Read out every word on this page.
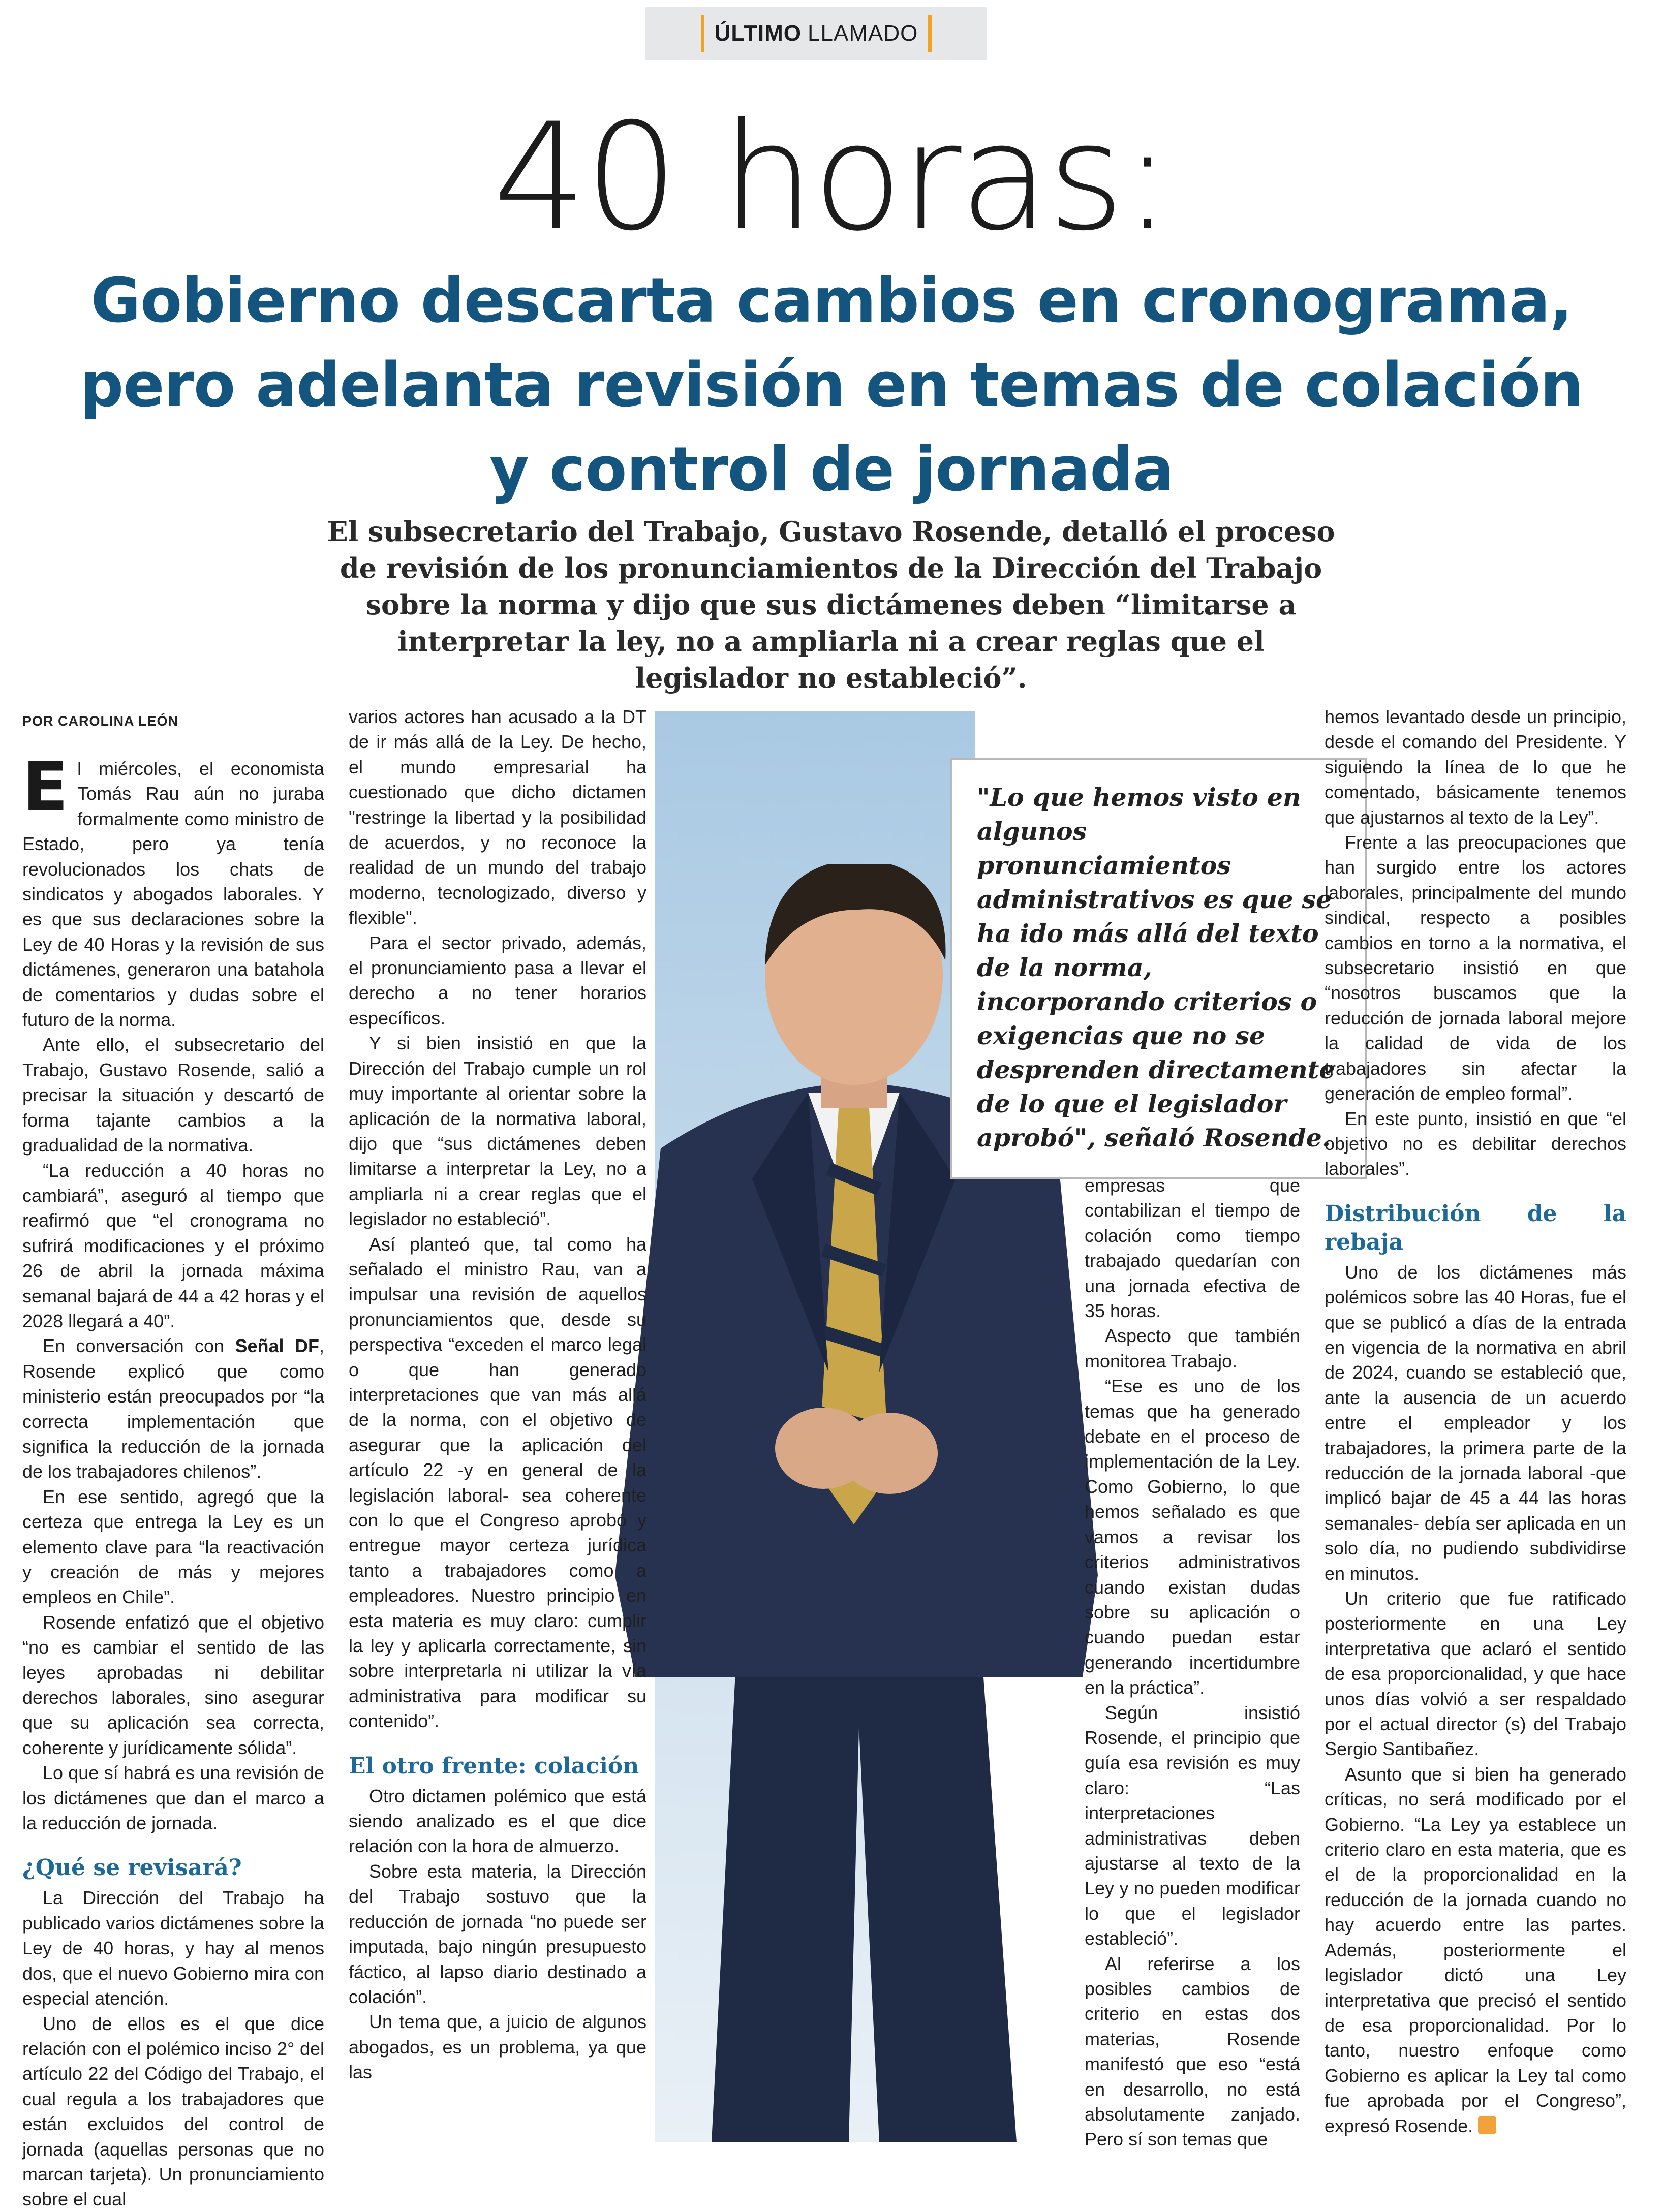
ÚLTIMO LLAMADO
40 horas:
Gobierno descarta cambios en cronograma, pero adelanta revisión en temas de colación y control de jornada
El subsecretario del Trabajo, Gustavo Rosende, detalló el proceso de revisión de los pronunciamientos de la Dirección del Trabajo sobre la norma y dijo que sus dictámenes deben “limitarse a interpretar la ley, no a ampliarla ni a crear reglas que el legislador no estableció”.
"Lo que hemos visto en algunos pronunciamientos administrativos es que se ha ido más allá del texto de la norma, incorporando criterios o exigencias que no se desprenden directamente de lo que el legislador aprobó", señaló Rosende.
POR CAROLINA LEÓN
E l miércoles, el economista Tomás Rau aún no juraba formalmente como ministro de Estado, pero ya tenía revolucionados los chats de sindicatos y abogados laborales. Y es que sus declaraciones sobre la Ley de 40 Horas y la revisión de sus dictámenes, generaron una batahola de comentarios y dudas sobre el futuro de la norma.

Ante ello, el subsecretario del Trabajo, Gustavo Rosende, salió a precisar la situación y descartó de forma tajante cambios a la gradualidad de la normativa.

“La reducción a 40 horas no cambiará”, aseguró al tiempo que reafirmó que “el cronograma no sufrirá modificaciones y el próximo 26 de abril la jornada máxima semanal bajará de 44 a 42 horas y el 2028 llegará a 40”.

En conversación con Señal DF, Rosende explicó que como ministerio están preocupados por “la correcta implementación que significa la reducción de la jornada de los trabajadores chilenos”.

En ese sentido, agregó que la certeza que entrega la Ley es un elemento clave para “la reactivación y creación de más y mejores empleos en Chile”.

Rosende enfatizó que el objetivo “no es cambiar el sentido de las leyes aprobadas ni debilitar derechos laborales, sino asegurar que su aplicación sea correcta, coherente y jurídicamente sólida”.

Lo que sí habrá es una revisión de los dictámenes que dan el marco a la reducción de jornada.

¿Qué se revisará?

La Dirección del Trabajo ha publicado varios dictámenes sobre la Ley de 40 horas, y hay al menos dos, que el nuevo Gobierno mira con especial atención.

Uno de ellos es el que dice relación con el polémico inciso 2° del artículo 22 del Código del Trabajo, el cual regula a los trabajadores que están excluidos del control de jornada (aquellas personas que no marcan tarjeta). Un pronunciamiento sobre el cual

varios actores han acusado a la DT de ir más allá de la Ley. De hecho, el mundo empresarial ha cuestionado que dicho dictamen "restringe la libertad y la posibilidad de acuerdos, y no reconoce la realidad de un mundo del trabajo moderno, tecnologizado, diverso y flexible".

Para el sector privado, además, el pronunciamiento pasa a llevar el derecho a no tener horarios específicos.

Y si bien insistió en que la Dirección del Trabajo cumple un rol muy importante al orientar sobre la aplicación de la normativa laboral, dijo que “sus dictámenes deben limitarse a interpretar la Ley, no a ampliarla ni a crear reglas que el legislador no estableció”.

Así planteó que, tal como ha señalado el ministro Rau, van a impulsar una revisión de aquellos pronunciamientos que, desde su perspectiva “exceden el marco legal o que han generado interpretaciones que van más allá de la norma, con el objetivo de asegurar que la aplicación del artículo 22 -y en general de la legislación laboral- sea coherente con lo que el Congreso aprobó y entregue mayor certeza jurídica tanto a trabajadores como a empleadores. Nuestro principio en esta materia es muy claro: cumplir la ley y aplicarla correctamente, sin sobre interpretarla ni utilizar la vía administrativa para modificar su contenido”.

El otro frente: colación

Otro dictamen polémico que está siendo analizado es el que dice relación con la hora de almuerzo.

Sobre esta materia, la Dirección del Trabajo sostuvo que la reducción de jornada “no puede ser imputada, bajo ningún presupuesto fáctico, al lapso diario destinado a colación”.

Un tema que, a juicio de algunos abogados, es un problema, ya que las

empresas que contabilizan el tiempo de colación como tiempo trabajado quedarían con una jornada efectiva de 35 horas.

Aspecto que también monitorea Trabajo.

“Ese es uno de los temas que ha generado debate en el proceso de implementación de la Ley. Como Gobierno, lo que hemos señalado es que vamos a revisar los criterios administrativos cuando existan dudas sobre su aplicación o cuando puedan estar generando incertidumbre en la práctica”.

Según insistió Rosende, el principio que guía esa revisión es muy claro: “Las interpretaciones administrativas deben ajustarse al texto de la Ley y no pueden modificar lo que el legislador estableció”.

Al referirse a los posibles cambios de criterio en estas dos materias, Rosende manifestó que eso “está en desarrollo, no está absolutamente zanjado. Pero sí son temas que

hemos levantado desde un principio, desde el comando del Presidente. Y siguiendo la línea de lo que he comentado, básicamente tenemos que ajustarnos al texto de la Ley”.

Frente a las preocupaciones que han surgido entre los actores laborales, principalmente del mundo sindical, respecto a posibles cambios en torno a la normativa, el subsecretario insistió en que “nosotros buscamos que la reducción de jornada laboral mejore la calidad de vida de los trabajadores sin afectar la generación de empleo formal”.

En este punto, insistió en que “el objetivo no es debilitar derechos laborales”.

Distribución de la rebaja

Uno de los dictámenes más polémicos sobre las 40 Horas, fue el que se publicó a días de la entrada en vigencia de la normativa en abril de 2024, cuando se estableció que, ante la ausencia de un acuerdo entre el empleador y los trabajadores, la primera parte de la reducción de la jornada laboral -que implicó bajar de 45 a 44 las horas semanales- debía ser aplicada en un solo día, no pudiendo subdividirse en minutos.

Un criterio que fue ratificado posteriormente en una Ley interpretativa que aclaró el sentido de esa proporcionalidad, y que hace unos días volvió a ser respaldado por el actual director (s) del Trabajo Sergio Santibañez.

Asunto que si bien ha generado críticas, no será modificado por el Gobierno. “La Ley ya establece un criterio claro en esta materia, que es el de la proporcionalidad en la reducción de la jornada cuando no hay acuerdo entre las partes. Además, posteriormente el legislador dictó una Ley interpretativa que precisó el sentido de esa proporcionalidad. Por lo tanto, nuestro enfoque como Gobierno es aplicar la Ley tal como fue aprobada por el Congreso”, expresó Rosende.
